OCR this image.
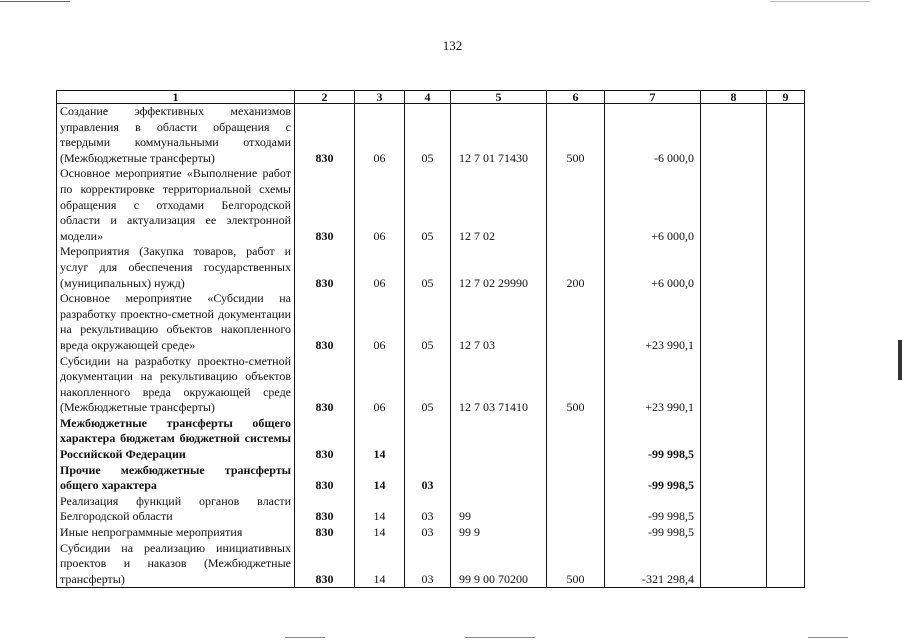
132
1	2	3	4	5	6	7	8	9
Создание эффективных механизмов управления в области обращения с твердыми коммунальными отходами (Межбюджетные трансферты)	830	06	05	12 7 01 71430	500	-6 000,0		
Основное мероприятие «Выполнение работ по корректировке территориальной схемы обращения с отходами Белгородской области и актуализация ее электронной модели»	830	06	05	12 7 02		+6 000,0		
Мероприятия (Закупка товаров, работ и услуг для обеспечения государственных (муниципальных) нужд)	830	06	05	12 7 02 29990	200	+6 000,0		
Основное мероприятие «Субсидии на разработку проектно-сметной документации на рекультивацию объектов накопленного вреда окружающей среде»	830	06	05	12 7 03		+23 990,1		
Субсидии на разработку проектно-сметной документации на рекультивацию объектов накопленного вреда окружающей среде (Межбюджетные трансферты)	830	06	05	12 7 03 71410	500	+23 990,1		
Межбюджетные трансферты общего характера бюджетам бюджетной системы Российской Федерации	830	14				-99 998,5		
Прочие межбюджетные трансферты общего характера	830	14	03			-99 998,5		
Реализация функций органов власти Белгородской области	830	14	03	99		-99 998,5		
Иные непрограммные мероприятия	830	14	03	99 9		-99 998,5		
Субсидии на реализацию инициативных проектов и наказов (Межбюджетные трансферты)	830	14	03	99 9 00 70200	500	-321 298,4		
